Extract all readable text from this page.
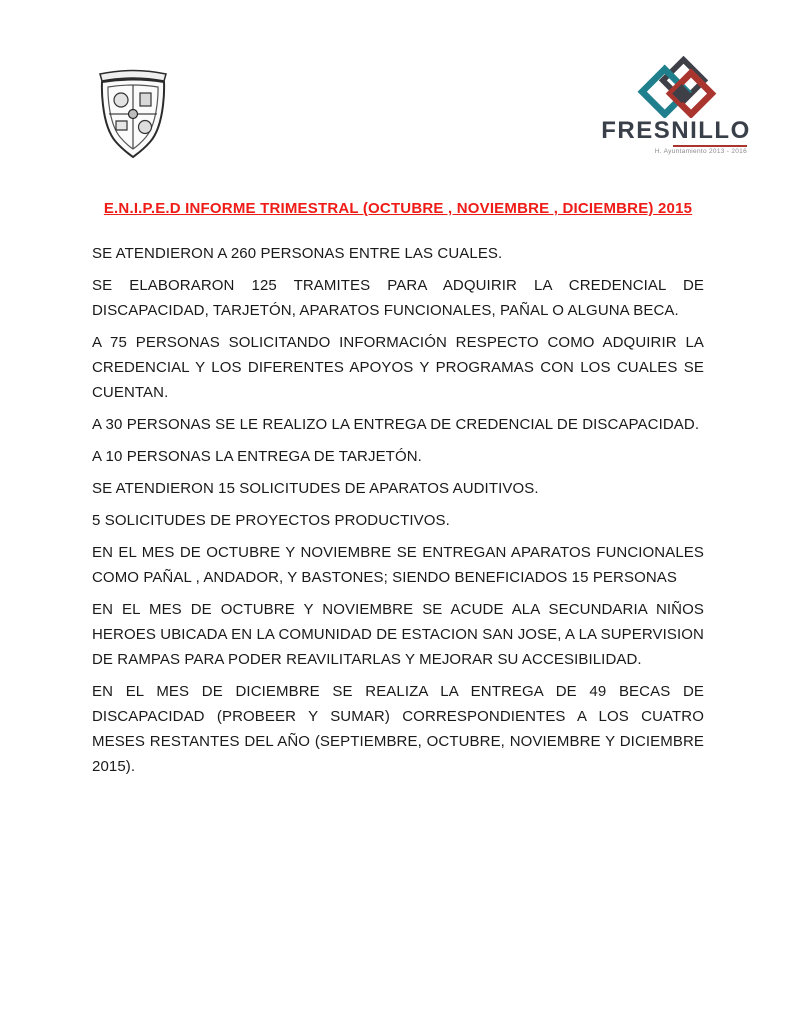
FRESNILLO
H. Ayuntamiento 2013 - 2016
E.N.I.P.E.D INFORME TRIMESTRAL (OCTUBRE , NOVIEMBRE , DICIEMBRE) 2015

SE ATENDIERON A 260 PERSONAS ENTRE LAS CUALES.

SE ELABORARON 125 TRAMITES PARA ADQUIRIR LA CREDENCIAL DE DISCAPACIDAD, TARJETÓN, APARATOS FUNCIONALES, PAÑAL O ALGUNA BECA.

A 75 PERSONAS SOLICITANDO INFORMACIÓN RESPECTO COMO ADQUIRIR LA CREDENCIAL Y LOS DIFERENTES APOYOS Y PROGRAMAS CON LOS CUALES SE CUENTAN.

A 30 PERSONAS SE LE REALIZO LA ENTREGA DE CREDENCIAL DE DISCAPACIDAD.

A 10 PERSONAS LA ENTREGA DE TARJETÓN.

SE ATENDIERON 15 SOLICITUDES DE APARATOS AUDITIVOS.

5 SOLICITUDES DE PROYECTOS PRODUCTIVOS.

EN EL MES DE OCTUBRE Y NOVIEMBRE SE ENTREGAN APARATOS FUNCIONALES COMO PAÑAL , ANDADOR, Y BASTONES; SIENDO BENEFICIADOS 15 PERSONAS

EN EL MES DE OCTUBRE Y NOVIEMBRE SE ACUDE ALA SECUNDARIA NIÑOS HEROES UBICADA EN LA COMUNIDAD DE ESTACION SAN JOSE, A LA SUPERVISION DE RAMPAS PARA PODER REAVILITARLAS Y MEJORAR SU ACCESIBILIDAD.

EN EL MES DE DICIEMBRE SE REALIZA LA ENTREGA DE 49 BECAS DE DISCAPACIDAD (PROBEER Y SUMAR) CORRESPONDIENTES A LOS CUATRO MESES RESTANTES DEL AÑO (SEPTIEMBRE, OCTUBRE, NOVIEMBRE Y DICIEMBRE 2015).
